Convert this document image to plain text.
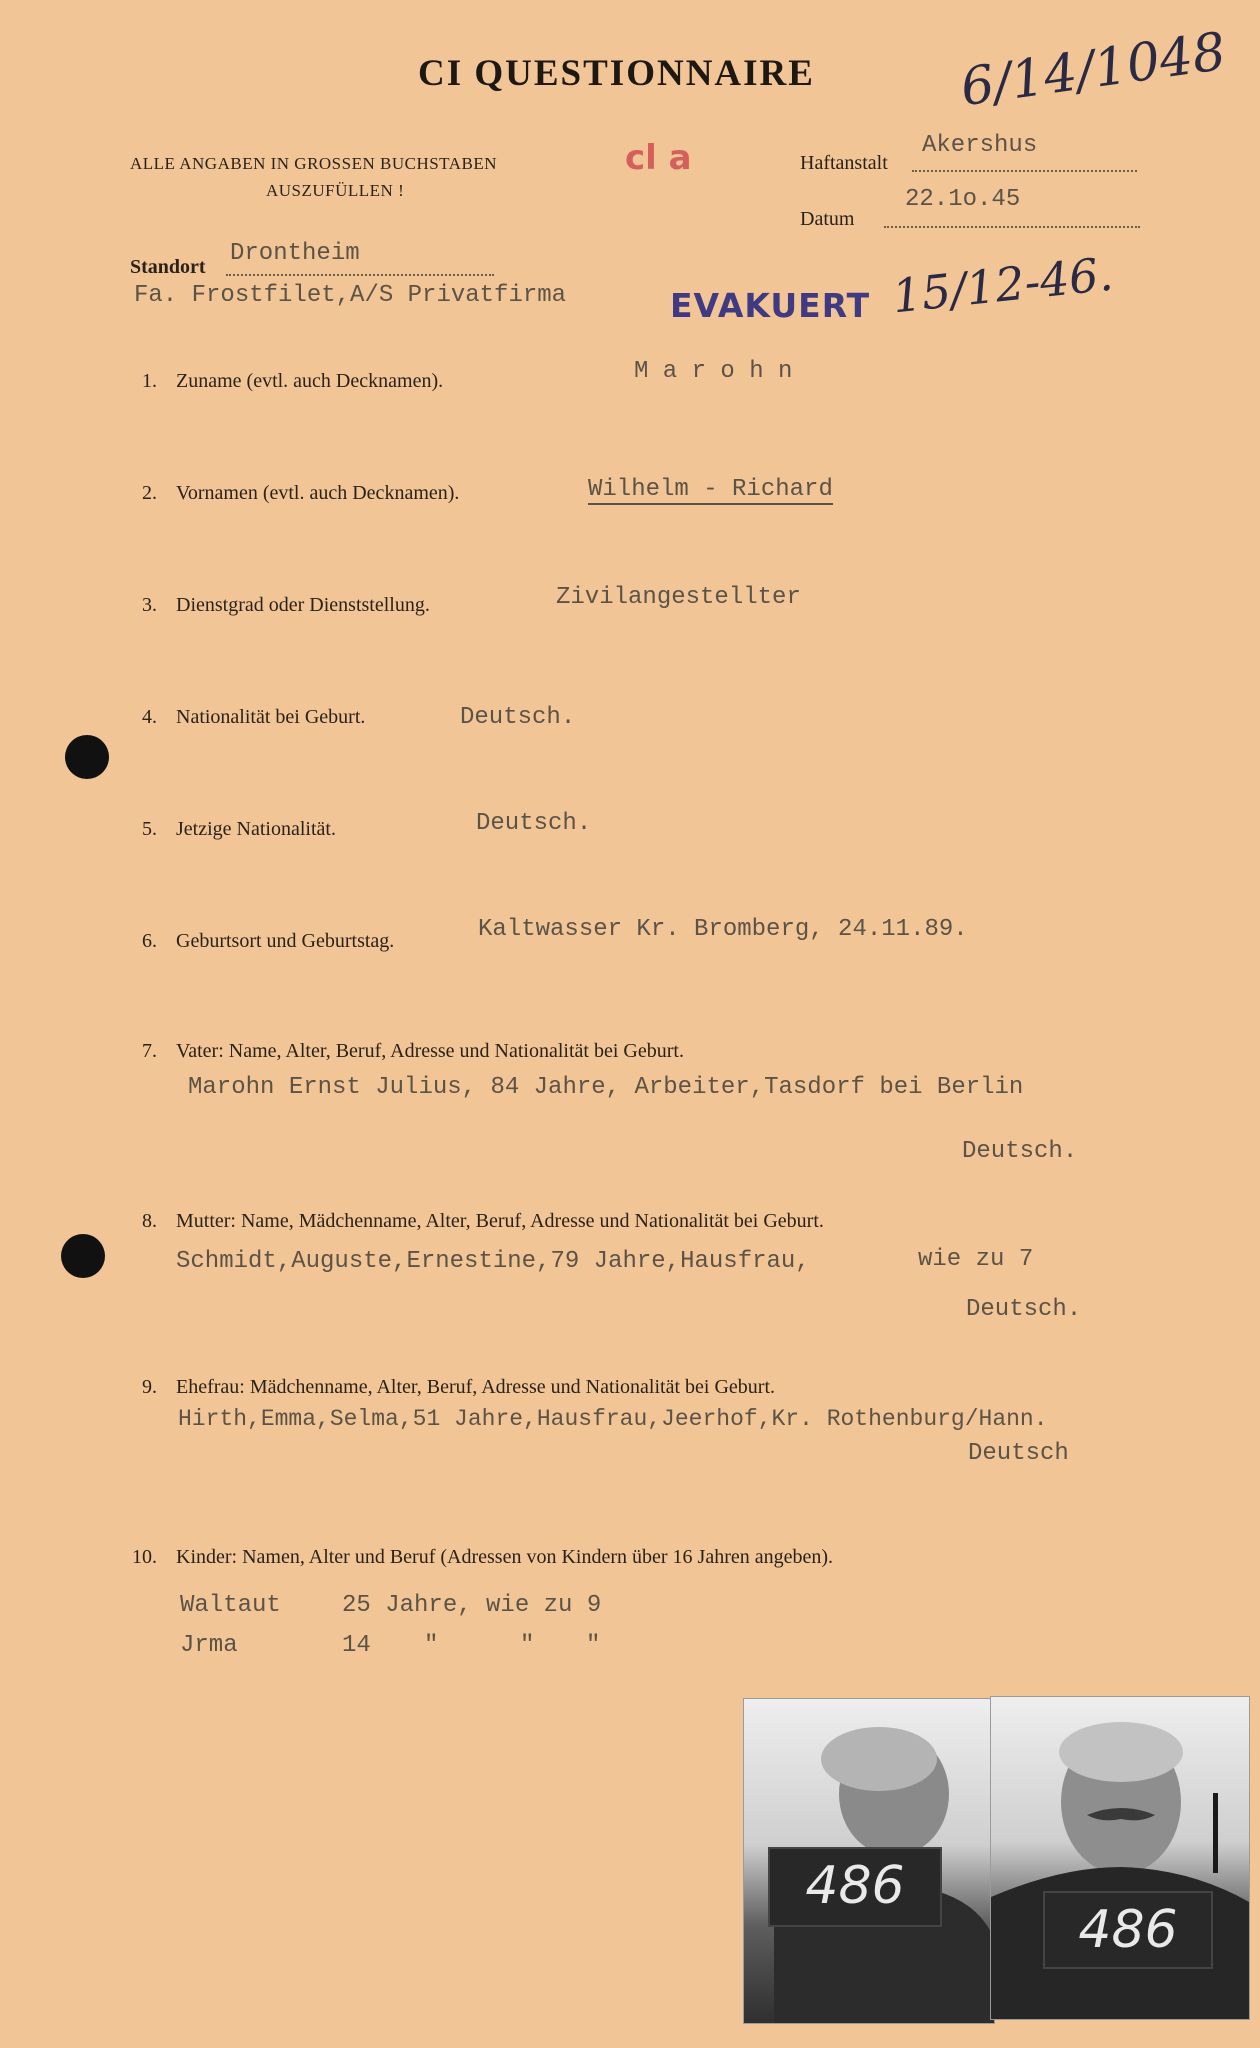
CI QUESTIONNAIRE	6/14/1048
ALLE ANGABEN IN GROSSEN BUCHSTABEN
AUSZUFÜLLEN !
cl a	Haftanstalt
Akershus
Datum
22.1o.45
Standort Drontheim
Fa. Frostfilet,A/S Privatfirma	EVAKUERT 15/12-46.
1. Zuname (evtl. auch Decknamen).	M a r o h n
2. Vornamen (evtl. auch Decknamen).	Wilhelm - Richard
3. Dienstgrad oder Dienststellung.	Zivilangestellter
4. Nationalität bei Geburt.	Deutsch.
5. Jetzige Nationalität.	Deutsch.
6. Geburtsort und Geburtstag.	Kaltwasser Kr. Bromberg, 24.11.89.
7. Vater: Name, Alter, Beruf, Adresse und Nationalität bei Geburt.
Marohn Ernst Julius, 84 Jahre, Arbeiter,Tasdorf bei Berlin
Deutsch.
8. Mutter: Name, Mädchenname, Alter, Beruf, Adresse und Nationalität bei Geburt.
Schmidt,Auguste,Ernestine,79 Jahre,Hausfrau,	wie zu 7
Deutsch.
9. Ehefrau: Mädchenname, Alter, Beruf, Adresse und Nationalität bei Geburt.
Hirth,Emma,Selma,51 Jahre,Hausfrau,Jeerhof,Kr. Rothenburg/Hann.
Deutsch
10. Kinder: Namen, Alter und Beruf (Adressen von Kindern über 16 Jahren angeben).
Waltaut	25 Jahre, wie zu 9
Jrma	14 "	" "
486
486
